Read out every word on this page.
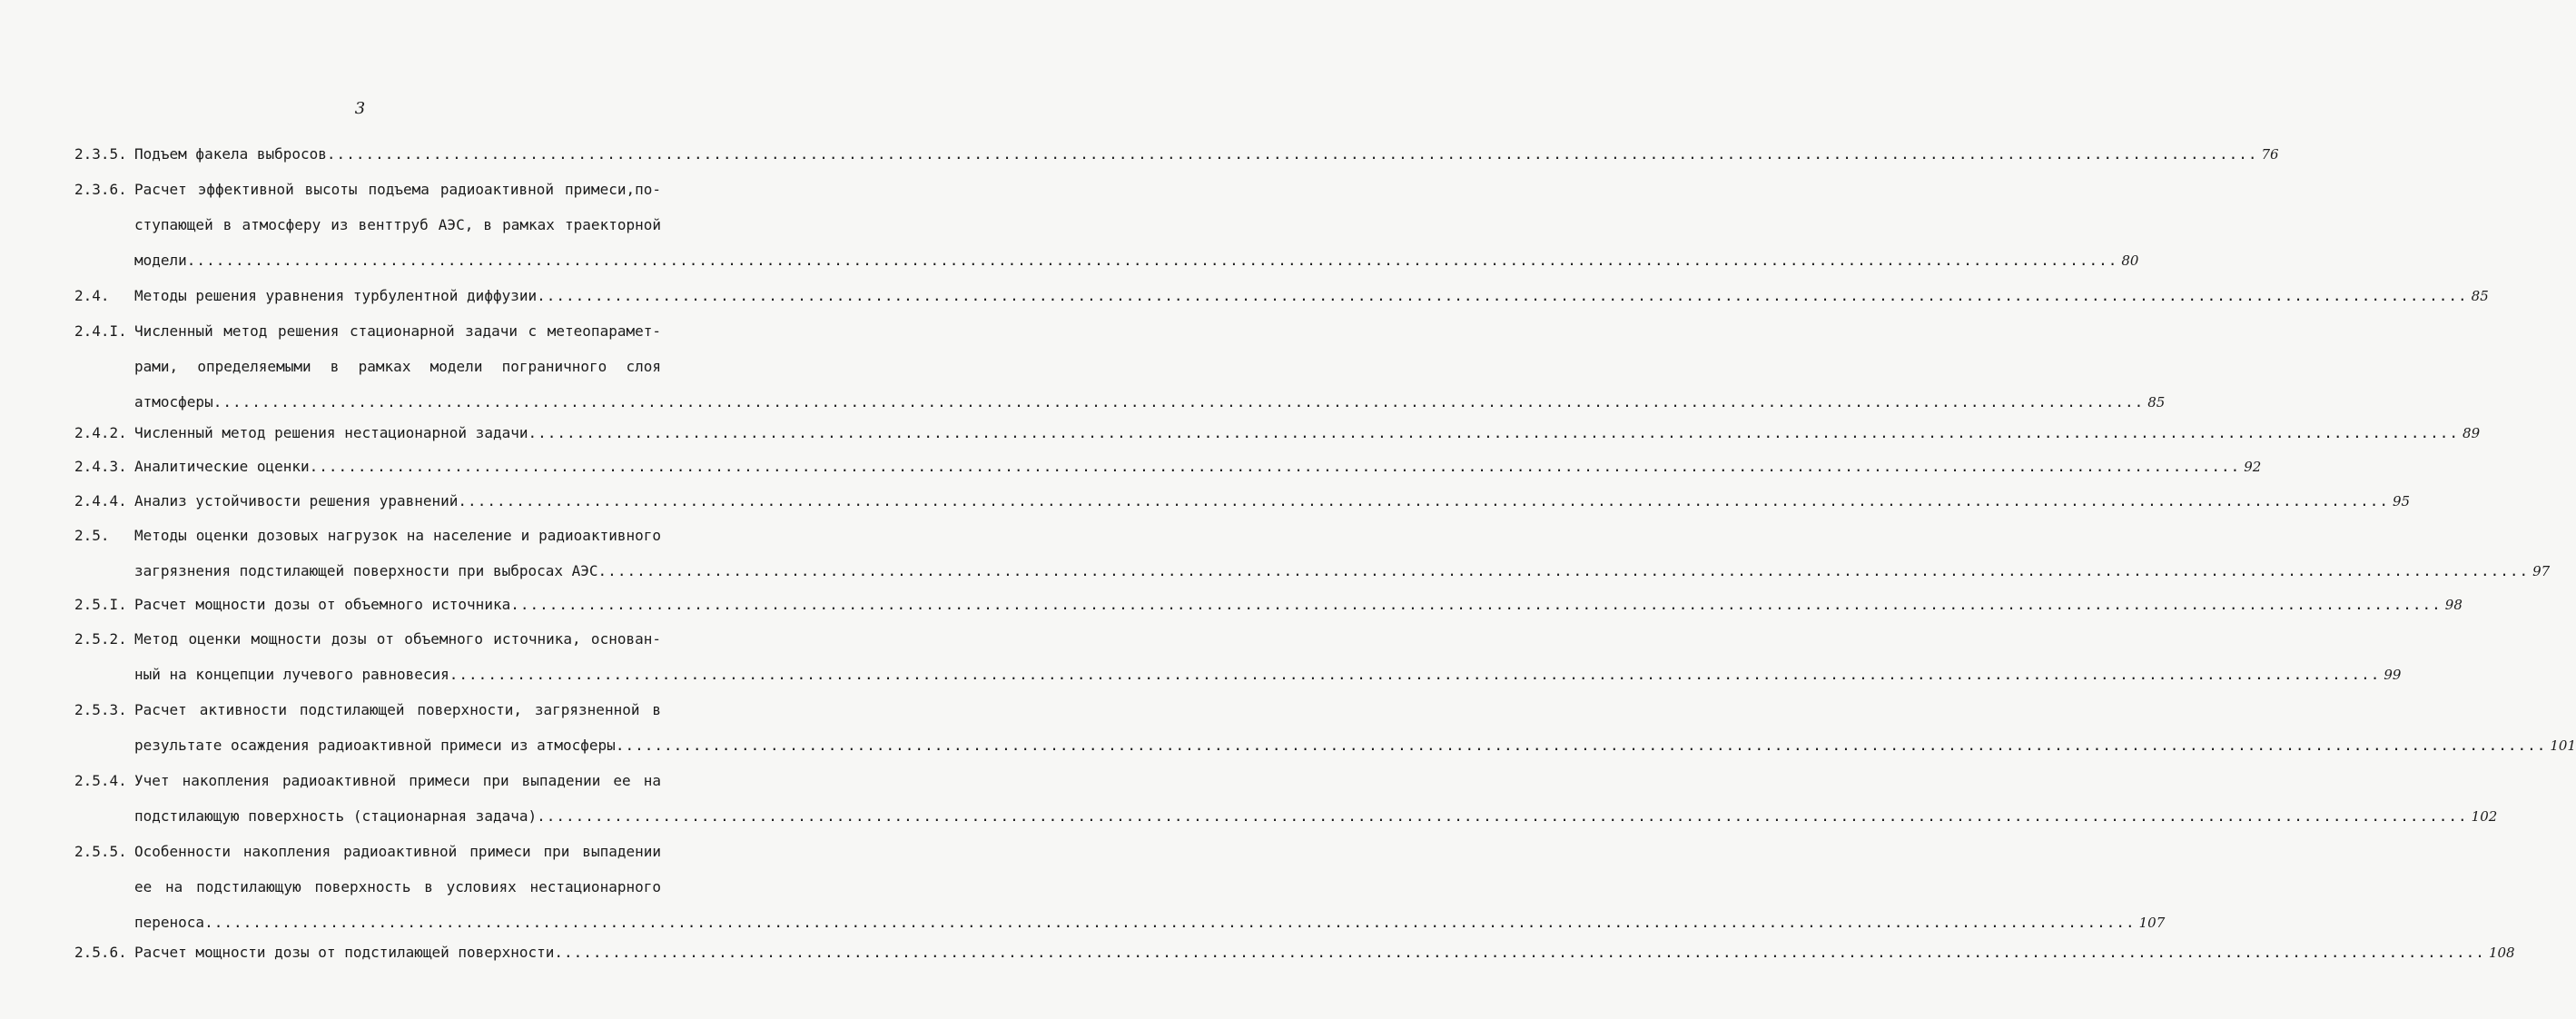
3
2.3.5. Подъем факела выбросов ........................................................................................................................................................................................................ 76
2.3.6. Расчет эффективной высоты подъема радиоактивной примеси,по-
ступающей в атмосферу из венттруб АЭС, в рамках траекторной
модели ........................................................................................................................................................................................................ 80
2.4. Методы решения уравнения турбулентной диффузии ........................................................................................................................................................................................................ 85
2.4.I. Численный метод решения стационарной задачи с метеопарамет-
рами, определяемыми в рамках модели пограничного слоя
атмосферы ........................................................................................................................................................................................................ 85
2.4.2. Численный метод решения нестационарной задачи ........................................................................................................................................................................................................ 89
2.4.3. Аналитические оценки ........................................................................................................................................................................................................ 92
2.4.4. Анализ устойчивости решения уравнений ........................................................................................................................................................................................................ 95
2.5. Методы оценки дозовых нагрузок на население и радиоактивного
загрязнения подстилающей поверхности при выбросах АЭС ........................................................................................................................................................................................................ 97
2.5.I. Расчет мощности дозы от объемного источника ........................................................................................................................................................................................................ 98
2.5.2. Метод оценки мощности дозы от объемного источника, основан-
ный на концепции лучевого равновесия ........................................................................................................................................................................................................ 99
2.5.3. Расчет активности подстилающей поверхности, загрязненной в
результате осаждения радиоактивной примеси из атмосферы ........................................................................................................................................................................................................ 101
2.5.4. Учет накопления радиоактивной примеси при выпадении ее на
подстилающую поверхность (стационарная задача) ........................................................................................................................................................................................................ 102
2.5.5. Особенности накопления радиоактивной примеси при выпадении
ее на подстилающую поверхность в условиях нестационарного
переноса ........................................................................................................................................................................................................ 107
2.5.6. Расчет мощности дозы от подстилающей поверхности ........................................................................................................................................................................................................ 108
